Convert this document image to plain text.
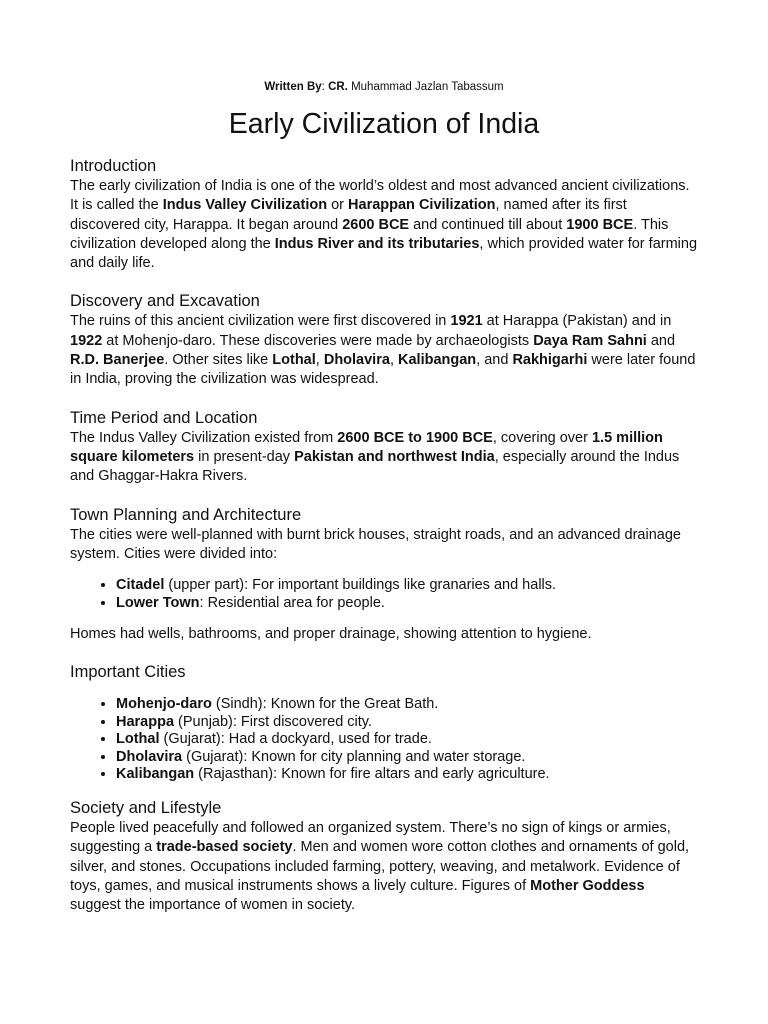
Written By: CR. Muhammad Jazlan Tabassum
Early Civilization of India
Introduction

The early civilization of India is one of the world’s oldest and most advanced ancient civilizations. It is called the Indus Valley Civilization or Harappan Civilization, named after its first discovered city, Harappa. It began around 2600 BCE and continued till about 1900 BCE. This civilization developed along the Indus River and its tributaries, which provided water for farming and daily life.

Discovery and Excavation

The ruins of this ancient civilization were first discovered in 1921 at Harappa (Pakistan) and in 1922 at Mohenjo-daro. These discoveries were made by archaeologists Daya Ram Sahni and R.D. Banerjee. Other sites like Lothal, Dholavira, Kalibangan, and Rakhigarhi were later found in India, proving the civilization was widespread.

Time Period and Location

The Indus Valley Civilization existed from 2600 BCE to 1900 BCE, covering over 1.5 million square kilometers in present-day Pakistan and northwest India, especially around the Indus and Ghaggar-Hakra Rivers.

Town Planning and Architecture

The cities were well-planned with burnt brick houses, straight roads, and an advanced drainage system. Cities were divided into:

• Citadel (upper part): For important buildings like granaries and halls.
• Lower Town: Residential area for people.

Homes had wells, bathrooms, and proper drainage, showing attention to hygiene.

Important Cities
• Mohenjo-daro (Sindh): Known for the Great Bath.
• Harappa (Punjab): First discovered city.
• Lothal (Gujarat): Had a dockyard, used for trade.
• Dholavira (Gujarat): Known for city planning and water storage.
• Kalibangan (Rajasthan): Known for fire altars and early agriculture.
Society and Lifestyle

People lived peacefully and followed an organized system. There’s no sign of kings or armies, suggesting a trade-based society. Men and women wore cotton clothes and ornaments of gold, silver, and stones. Occupations included farming, pottery, weaving, and metalwork. Evidence of toys, games, and musical instruments shows a lively culture. Figures of Mother Goddess suggest the importance of women in society.
